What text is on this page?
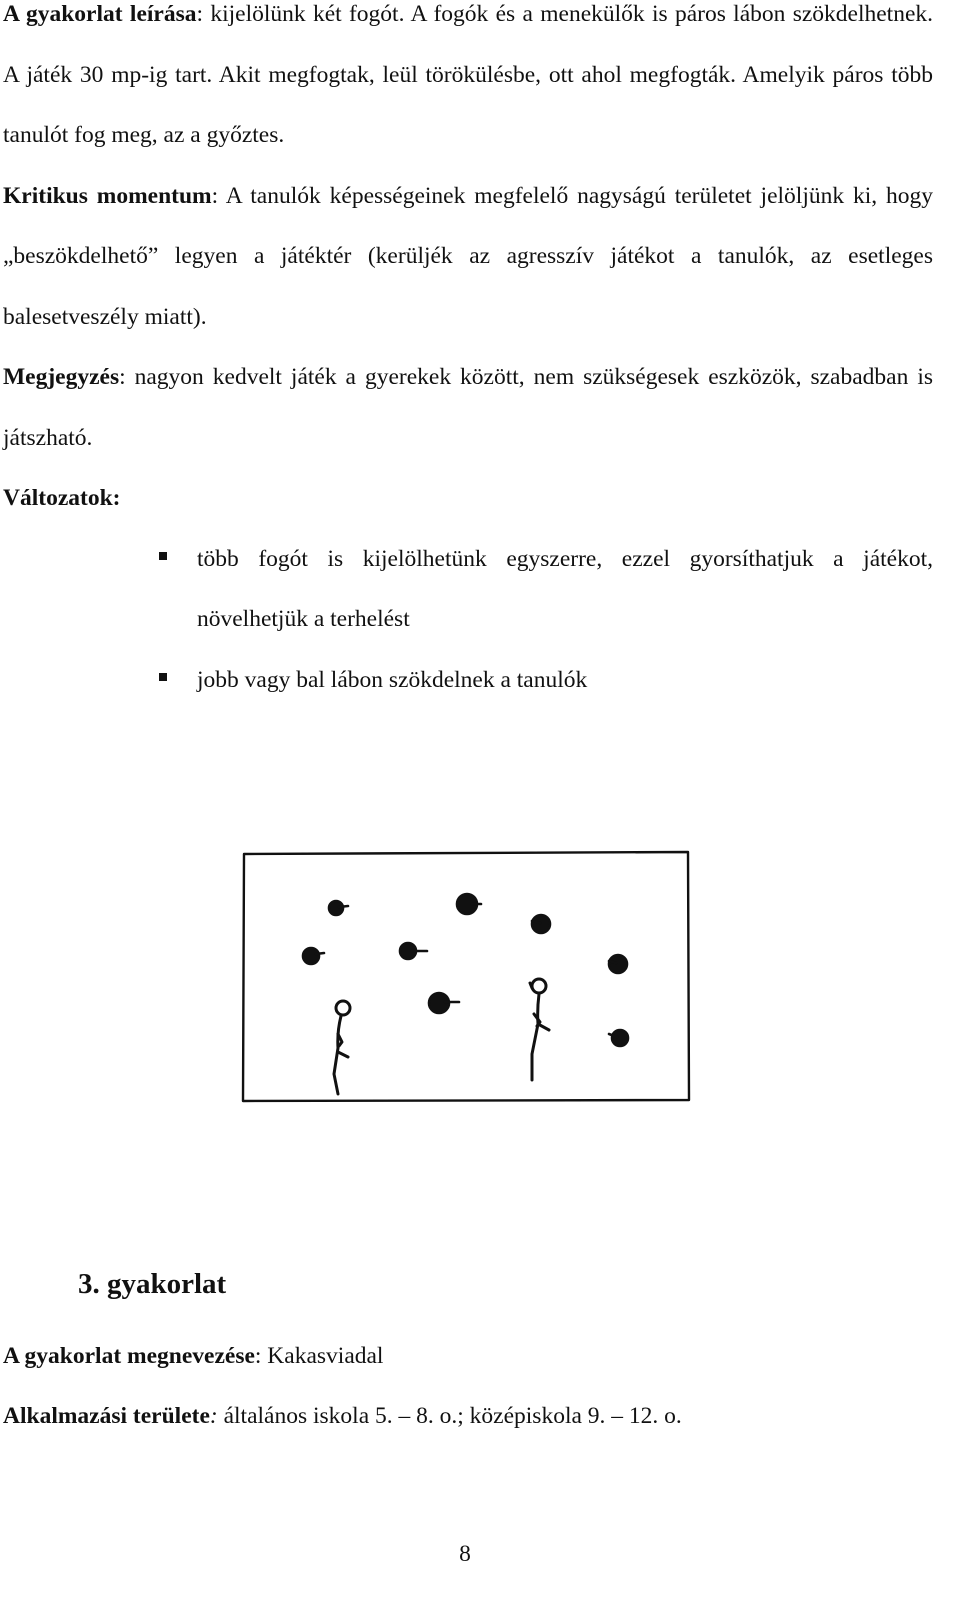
A gyakorlat leírása: kijelölünk két fogót. A fogók és a menekülők is páros lábon szökdelhetnek. A játék 30 mp-ig tart. Akit megfogtak, leül törökülésbe, ott ahol megfogták. Amelyik páros több tanulót fog meg, az a győztes.

Kritikus momentum: A tanulók képességeinek megfelelő nagyságú területet jelöljünk ki, hogy „beszökdelhető” legyen a játéktér (kerüljék az agresszív játékot a tanulók, az esetleges balesetveszély miatt).

Megjegyzés: nagyon kedvelt játék a gyerekek között, nem szükségesek eszközök, szabadban is játszható.

Változatok:

több fogót is kijelölhetünk egyszerre, ezzel gyorsíthatjuk a játékot, növelhetjük a terhelést
jobb vagy bal lábon szökdelnek a tanulók
3. gyakorlat

A gyakorlat megnevezése: Kakasviadal

Alkalmazási területe: általános iskola 5. – 8. o.; középiskola 9. – 12. o.

8
